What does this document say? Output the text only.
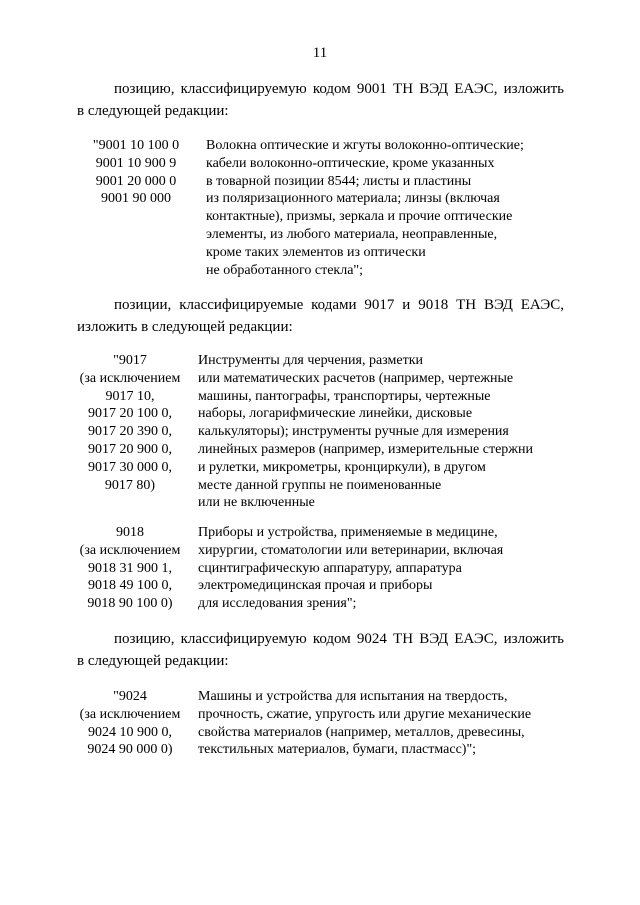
11
позицию, классифицируемую кодом 9001 ТН ВЭД ЕАЭС, изложить
в следующей редакции:
"9001 10 100 0
9001 10 900 9
9001 20 000 0
9001 90 000
Волокна оптические и жгуты волоконно-оптические;
кабели волоконно-оптические, кроме указанных
в товарной позиции 8544; листы и пластины
из поляризационного материала; линзы (включая
контактные), призмы, зеркала и прочие оптические
элементы, из любого материала, неоправленные,
кроме таких элементов из оптически
не обработанного стекла";
позиции, классифицируемые кодами 9017 и 9018 ТН ВЭД ЕАЭС,
изложить в следующей редакции:
"9017
(за исключением
9017 10,
9017 20 100 0,
9017 20 390 0,
9017 20 900 0,
9017 30 000 0,
9017 80)
Инструменты для черчения, разметки
или математических расчетов (например, чертежные
машины, пантографы, транспортиры, чертежные
наборы, логарифмические линейки, дисковые
калькуляторы); инструменты ручные для измерения
линейных размеров (например, измерительные стержни
и рулетки, микрометры, кронциркули), в другом
месте данной группы не поименованные
или не включенные
9018
(за исключением
9018 31 900 1,
9018 49 100 0,
9018 90 100 0)
Приборы и устройства, применяемые в медицине,
хирургии, стоматологии или ветеринарии, включая
сцинтиграфическую аппаратуру, аппаратура
электромедицинская прочая и приборы
для исследования зрения";
позицию, классифицируемую кодом 9024 ТН ВЭД ЕАЭС, изложить
в следующей редакции:
"9024
(за исключением
9024 10 900 0,
9024 90 000 0)
Машины и устройства для испытания на твердость,
прочность, сжатие, упругость или другие механические
свойства материалов (например, металлов, древесины,
текстильных материалов, бумаги, пластмасс)";
